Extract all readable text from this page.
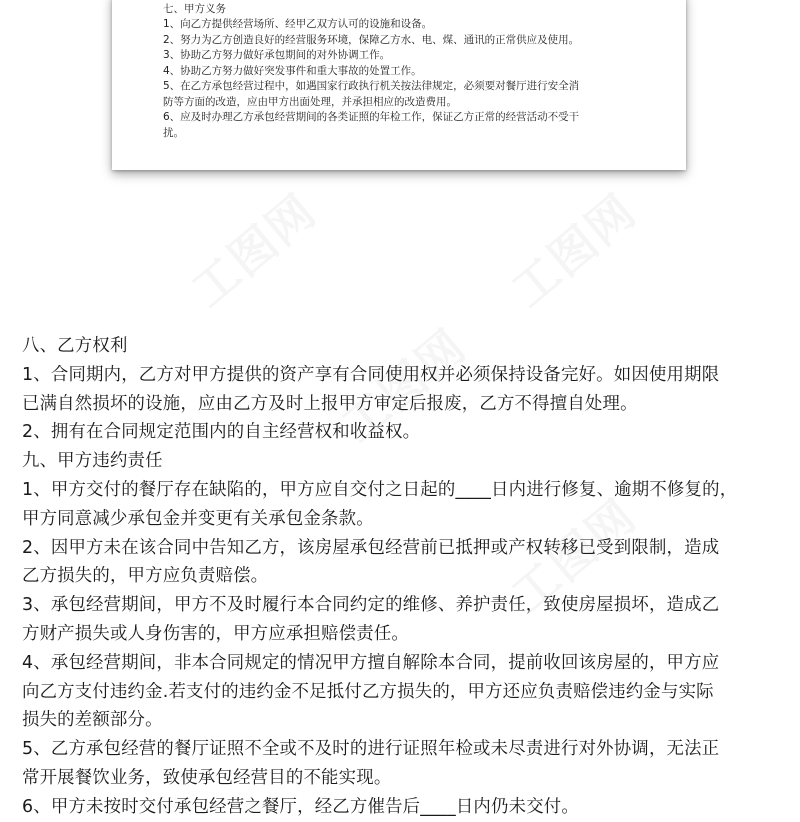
工图网	工图网
工图网
工图网
七、甲方义务
1、向乙方提供经营场所、经甲乙双方认可的设施和设备。
2、努力为乙方创造良好的经营服务环境，保障乙方水、电、煤、通讯的正常供应及使用。
3、协助乙方努力做好承包期间的对外协调工作。
4、协助乙方努力做好突发事件和重大事故的处置工作。
5、在乙方承包经营过程中，如遇国家行政执行机关按法律规定，必须要对餐厅进行安全消
防等方面的改造，应由甲方出面处理，并承担相应的改造费用。
6、应及时办理乙方承包经营期间的各类证照的年检工作，保证乙方正常的经营活动不受干
扰。
八、乙方权利
1、合同期内，乙方对甲方提供的资产享有合同使用权并必须保持设备完好。如因使用期限
已满自然损坏的设施，应由乙方及时上报甲方审定后报废，乙方不得擅自处理。
2、拥有在合同规定范围内的自主经营权和收益权。
九、甲方违约责任
1、甲方交付的餐厅存在缺陷的，甲方应自交付之日起的____日内进行修复、逾期不修复的，
甲方同意减少承包金并变更有关承包金条款。
2、因甲方未在该合同中告知乙方，该房屋承包经营前已抵押或产权转移已受到限制，造成
乙方损失的，甲方应负责赔偿。
3、承包经营期间，甲方不及时履行本合同约定的维修、养护责任，致使房屋损坏，造成乙
方财产损失或人身伤害的，甲方应承担赔偿责任。
4、承包经营期间，非本合同规定的情况甲方擅自解除本合同，提前收回该房屋的，甲方应
向乙方支付违约金.若支付的违约金不足抵付乙方损失的，甲方还应负责赔偿违约金与实际
损失的差额部分。
5、乙方承包经营的餐厅证照不全或不及时的进行证照年检或未尽责进行对外协调，无法正
常开展餐饮业务，致使承包经营目的不能实现。
6、甲方未按时交付承包经营之餐厅，经乙方催告后____日内仍未交付。
